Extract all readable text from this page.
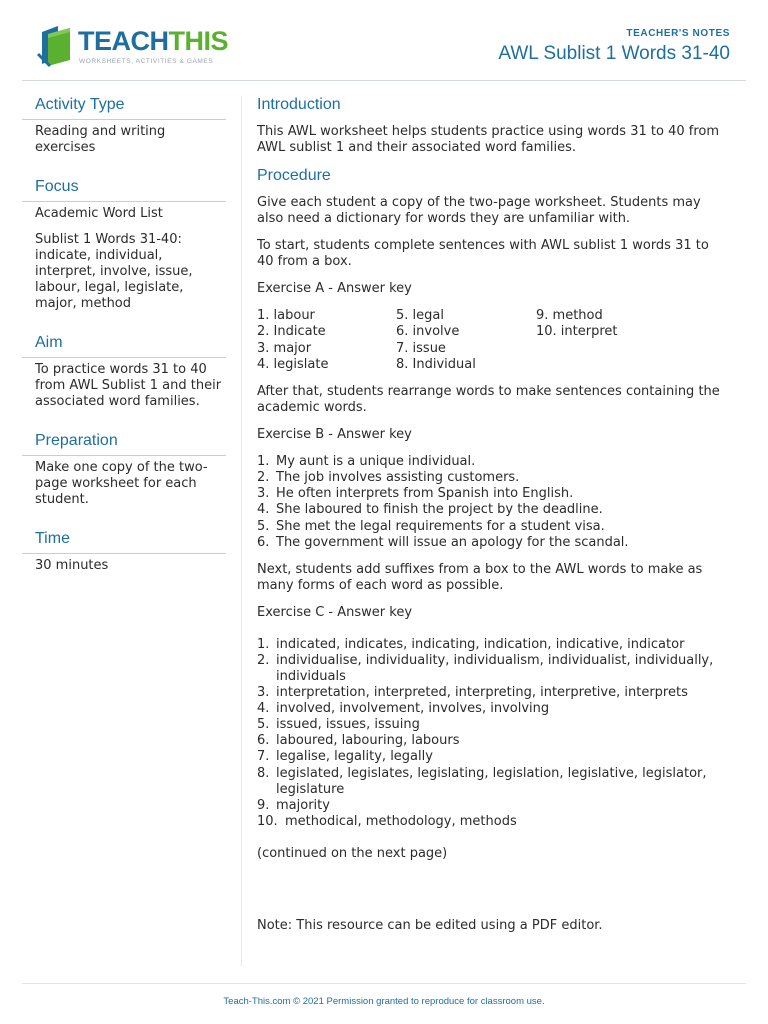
TEACHTHIS
WORKSHEETS, ACTIVITIES & GAMES
TEACHER'S NOTES
AWL Sublist 1 Words 31-40
Activity Type
Reading and writing exercises
Focus
Academic Word List
Sublist 1 Words 31-40: indicate, individual, interpret, involve, issue, labour, legal, legislate, major, method
Aim
To practice words 31 to 40 from AWL Sublist 1 and their associated word families.
Preparation
Make one copy of the two-page worksheet for each student.
Time
30 minutes
Introduction

This AWL worksheet helps students practice using words 31 to 40 from AWL sublist 1 and their associated word families.

Procedure

Give each student a copy of the two-page worksheet. Students may also need a dictionary for words they are unfamiliar with.

To start, students complete sentences with AWL sublist 1 words 31 to 40 from a box.

Exercise A - Answer key

1. labour
2. Indicate
3. major
4. legislate
5. legal
6. involve
7. issue
8. Individual
9. method
10. interpret

After that, students rearrange words to make sentences containing the academic words.

Exercise B - Answer key

1. My aunt is a unique individual.
2. The job involves assisting customers.
3. He often interprets from Spanish into English.
4. She laboured to finish the project by the deadline.
5. She met the legal requirements for a student visa.
6. The government will issue an apology for the scandal.

Next, students add suffixes from a box to the AWL words to make as many forms of each word as possible.

Exercise C - Answer key

1. indicated, indicates, indicating, indication, indicative, indicator
2. individualise, individuality, individualism, individualist, individually, individuals
3. interpretation, interpreted, interpreting, interpretive, interprets
4. involved, involvement, involves, involving
5. issued, issues, issuing
6. laboured, labouring, labours
7. legalise, legality, legally
8. legislated, legislates, legislating, legislation, legislative, legislator, legislature
9. majority
10. methodical, methodology, methods

(continued on the next page)

Note: This resource can be edited using a PDF editor.

Teach-This.com © 2021 Permission granted to reproduce for classroom use.
